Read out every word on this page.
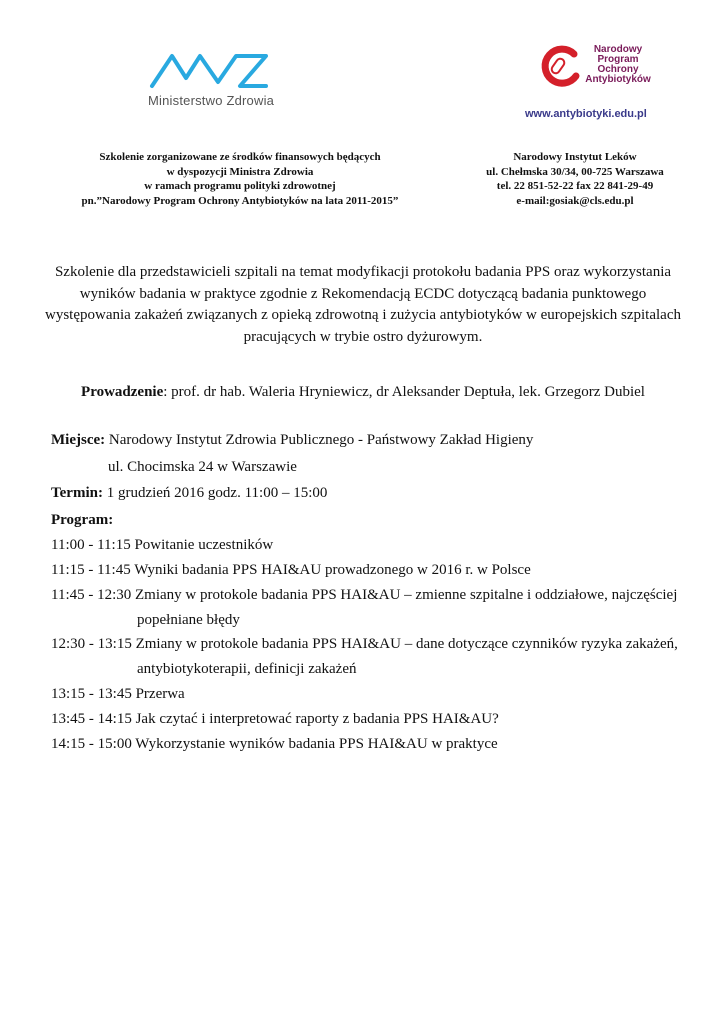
Ministerstwo Zdrowia
Narodowy
Program
Ochrony
Antybiotyków
www.antybiotyki.edu.pl
Szkolenie zorganizowane ze środków finansowych będących
w dyspozycji Ministra Zdrowia
w ramach programu polityki zdrowotnej
pn.”Narodowy Program Ochrony Antybiotyków na lata 2011-2015”
Narodowy Instytut Leków
ul. Chełmska 30/34, 00-725 Warszawa
tel. 22 851-52-22 fax 22 841-29-49
e-mail:gosiak@cls.edu.pl
Szkolenie dla przedstawicieli szpitali na temat modyfikacji protokołu badania PPS oraz wykorzystania
wyników badania w praktyce zgodnie z Rekomendacją ECDC dotyczącą badania punktowego
występowania zakażeń związanych z opieką zdrowotną i zużycia antybiotyków w europejskich szpitalach
pracujących w trybie ostro dyżurowym.
Prowadzenie: prof. dr hab. Waleria Hryniewicz, dr Aleksander Deptuła, lek. Grzegorz Dubiel
Miejsce: Narodowy Instytut Zdrowia Publicznego - Państwowy Zakład Higieny
ul. Chocimska 24 w Warszawie
Termin: 1 grudzień 2016 godz. 11:00 – 15:00
Program:
11:00 - 11:15 Powitanie uczestników
11:15 - 11:45 Wyniki badania PPS HAI&AU prowadzonego w 2016 r. w Polsce
11:45 - 12:30 Zmiany w protokole badania PPS HAI&AU – zmienne szpitalne i oddziałowe, najczęściej
popełniane błędy
12:30 - 13:15 Zmiany w protokole badania PPS HAI&AU – dane dotyczące czynników ryzyka zakażeń,
antybiotykoterapii, definicji zakażeń
13:15 - 13:45 Przerwa
13:45 - 14:15 Jak czytać i interpretować raporty z badania PPS HAI&AU?
14:15 - 15:00 Wykorzystanie wyników badania PPS HAI&AU w praktyce
